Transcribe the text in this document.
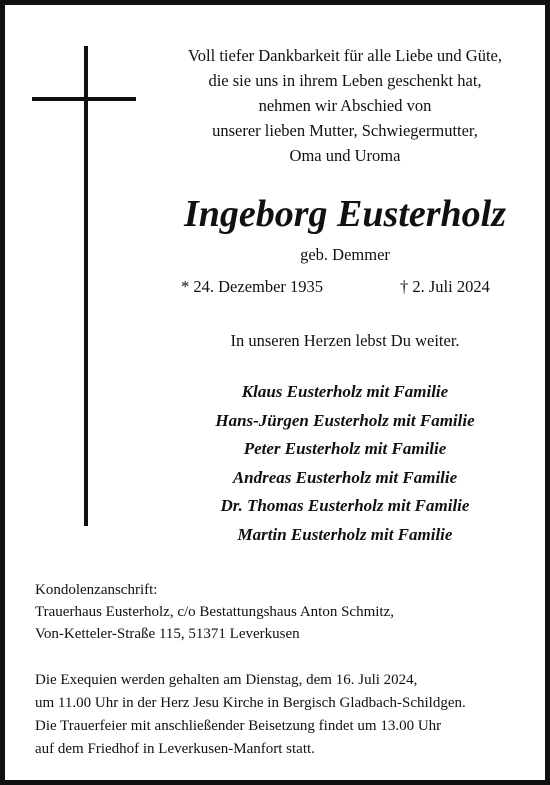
Voll tiefer Dankbarkeit für alle Liebe und Güte,
die sie uns in ihrem Leben geschenkt hat,
nehmen wir Abschied von
unserer lieben Mutter, Schwiegermutter,
Oma und Uroma
Ingeborg Eusterholz
geb. Demmer
* 24. Dezember 1935	† 2. Juli 2024
In unseren Herzen lebst Du weiter.
Klaus Eusterholz mit Familie
Hans-Jürgen Eusterholz mit Familie
Peter Eusterholz mit Familie
Andreas Eusterholz mit Familie
Dr. Thomas Eusterholz mit Familie
Martin Eusterholz mit Familie
Kondolenzanschrift:
Trauerhaus Eusterholz, c/o Bestattungshaus Anton Schmitz,
Von-Ketteler-Straße 115, 51371 Leverkusen
Die Exequien werden gehalten am Dienstag, dem 16. Juli 2024,
um 11.00 Uhr in der Herz Jesu Kirche in Bergisch Gladbach-Schildgen.
Die Trauerfeier mit anschließender Beisetzung findet um 13.00 Uhr
auf dem Friedhof in Leverkusen-Manfort statt.
